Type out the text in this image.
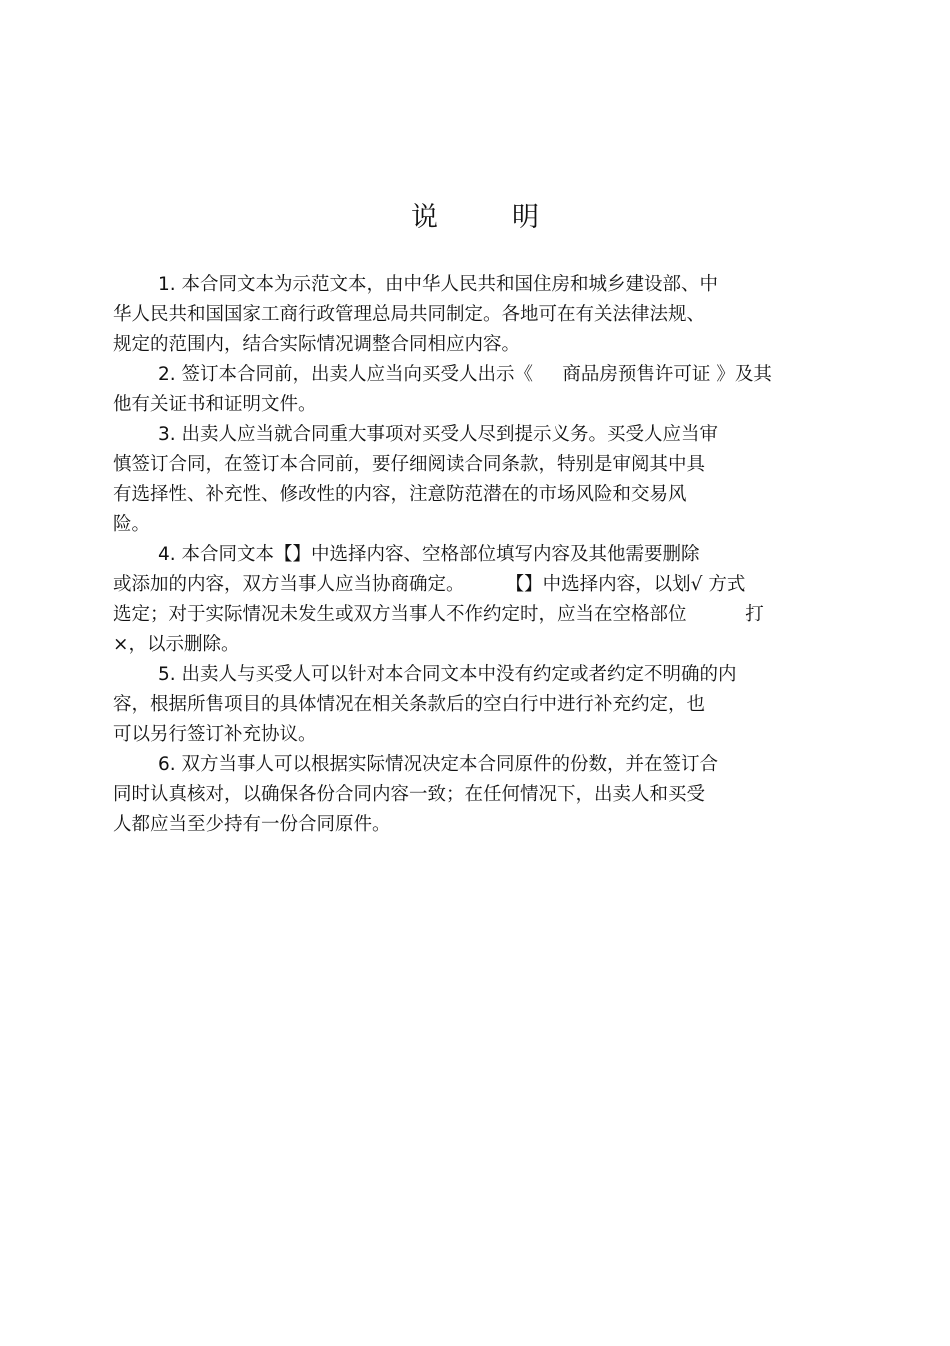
说	明
1. 本合同文本为示范文本，由中华人民共和国住房和城乡建设部、中
华人民共和国国家工商行政管理总局共同制定。各地可在有关法律法规、
规定的范围内，结合实际情况调整合同相应内容。
2. 签订本合同前，出卖人应当向买受人出示《     商品房预售许可证 》及其
他有关证书和证明文件。
3. 出卖人应当就合同重大事项对买受人尽到提示义务。买受人应当审
慎签订合同，在签订本合同前，要仔细阅读合同条款，特别是审阅其中具
有选择性、补充性、修改性的内容，注意防范潜在的市场风险和交易风
险。
4. 本合同文本【】中选择内容、空格部位填写内容及其他需要删除
或添加的内容，双方当事人应当协商确定。       【】中选择内容，以划√ 方式
选定；对于实际情况未发生或双方当事人不作约定时，应当在空格部位          打
×，以示删除。
5. 出卖人与买受人可以针对本合同文本中没有约定或者约定不明确的内
容，根据所售项目的具体情况在相关条款后的空白行中进行补充约定，也
可以另行签订补充协议。
6. 双方当事人可以根据实际情况决定本合同原件的份数，并在签订合
同时认真核对，以确保各份合同内容一致；在任何情况下，出卖人和买受
人都应当至少持有一份合同原件。
